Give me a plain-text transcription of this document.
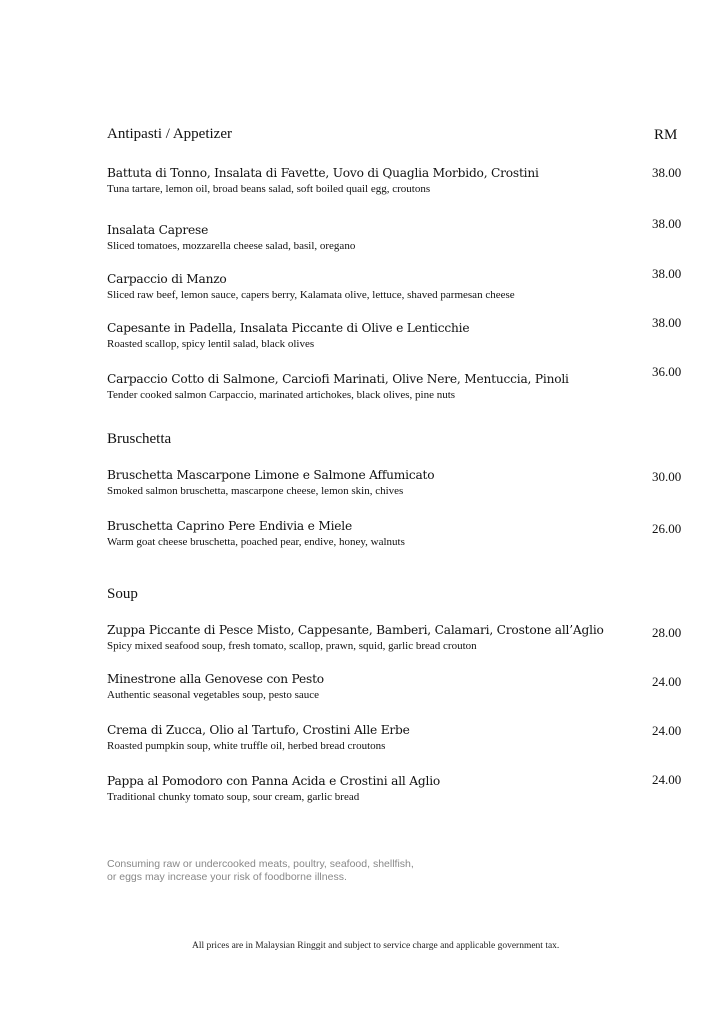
Antipasti / Appetizer	RM
Battuta di Tonno, Insalata di Favette, Uovo di Quaglia Morbido, Crostini
Tuna tartare, lemon oil, broad beans salad, soft boiled quail egg, croutons
38.00
Insalata Caprese
Sliced tomatoes, mozzarella cheese salad, basil, oregano
38.00
Carpaccio di Manzo
Sliced raw beef, lemon sauce, capers berry, Kalamata olive, lettuce, shaved parmesan cheese
38.00
Capesante in Padella, Insalata Piccante di Olive e Lenticchie
Roasted scallop, spicy lentil salad, black olives
38.00
Carpaccio Cotto di Salmone, Carciofi Marinati, Olive Nere, Mentuccia, Pinoli
Tender cooked salmon Carpaccio, marinated artichokes, black olives, pine nuts
36.00
Bruschetta
Bruschetta Mascarpone Limone e Salmone Affumicato
Smoked salmon bruschetta, mascarpone cheese, lemon skin, chives
30.00
Bruschetta Caprino Pere Endivia e Miele
Warm goat cheese bruschetta, poached pear, endive, honey, walnuts
26.00
Soup
Zuppa Piccante di Pesce Misto, Cappesante, Bamberi, Calamari, Crostone all’Aglio
Spicy mixed seafood soup, fresh tomato, scallop, prawn, squid, garlic bread crouton
28.00
Minestrone alla Genovese con Pesto
Authentic seasonal vegetables soup, pesto sauce
24.00
Crema di Zucca, Olio al Tartufo, Crostini Alle Erbe
Roasted pumpkin soup, white truffle oil, herbed bread croutons
24.00
Pappa al Pomodoro con Panna Acida e Crostini all Aglio
Traditional chunky tomato soup, sour cream, garlic bread
24.00
Consuming raw or undercooked meats, poultry, seafood, shellfish,
or eggs may increase your risk of foodborne illness.
All prices are in Malaysian Ringgit and subject to service charge and applicable government tax.
